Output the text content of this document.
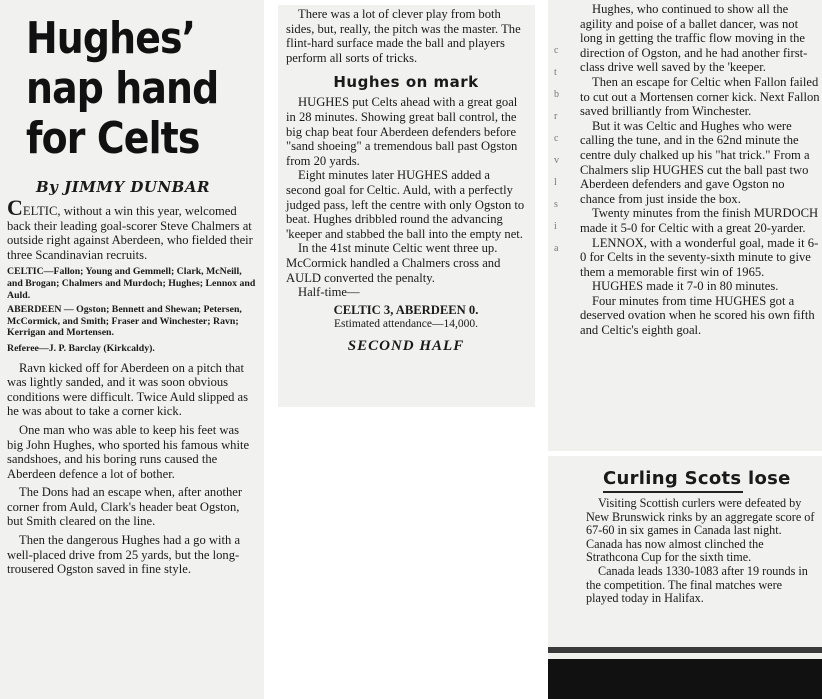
Hughes’
nap hand
for Celts
By JIMMY DUNBAR

CELTIC, without a win this year, welcomed back their leading goal-scorer Steve Chalmers at outside right against Aberdeen, who fielded their three Scandinavian recruits.

CELTIC—Fallon; Young and Gemmell; Clark, McNeill, and Brogan; Chalmers and Murdoch; Hughes; Lennox and Auld.

ABERDEEN — Ogston; Bennett and Shewan; Petersen, McCormick, and Smith; Fraser and Winchester; Ravn; Kerrigan and Mortensen.

Referee—J. P. Barclay (Kirkcaldy).

Ravn kicked off for Aberdeen on a pitch that was lightly sanded, and it was soon obvious conditions were difficult. Twice Auld slipped as he was about to take a corner kick.

One man who was able to keep his feet was big John Hughes, who sported his famous white sandshoes, and his boring runs caused the Aberdeen defence a lot of bother.

The Dons had an escape when, after another corner from Auld, Clark's header beat Ogston, but Smith cleared on the line.

Then the dangerous Hughes had a go with a well-placed drive from 25 yards, but the long-trousered Ogston saved in fine style.

There was a lot of clever play from both sides, but, really, the pitch was the master. The flint-hard surface made the ball and players perform all sorts of tricks.

Hughes on mark

HUGHES put Celts ahead with a great goal in 28 minutes. Showing great ball control, the big chap beat four Aberdeen defenders before "sand shoeing" a tremendous ball past Ogston from 20 yards.

Eight minutes later HUGHES added a second goal for Celtic. Auld, with a perfectly judged pass, left the centre with only Ogston to beat. Hughes dribbled round the advancing 'keeper and stabbed the ball into the empty net.

In the 41st minute Celtic went three up. McCormick handled a Chalmers cross and AULD converted the penalty.

Half-time—

CELTIC 3, ABERDEEN 0.

Estimated attendance—14,000.

SECOND HALF
c
t
b
r
c
v
l
s
i
a

Hughes, who continued to show all the agility and poise of a ballet dancer, was not long in getting the traffic flow moving in the direction of Ogston, and he had another first-class drive well saved by the 'keeper.

Then an escape for Celtic when Fallon failed to cut out a Mortensen corner kick. Next Fallon saved brilliantly from Winchester.

But it was Celtic and Hughes who were calling the tune, and in the 62nd minute the centre duly chalked up his "hat trick." From a Chalmers slip HUGHES cut the ball past two Aberdeen defenders and gave Ogston no chance from just inside the box.

Twenty minutes from the finish MURDOCH made it 5-0 for Celtic with a great 20-yarder.

LENNOX, with a wonderful goal, made it 6-0 for Celts in the seventy-sixth minute to give them a memorable first win of 1965.

HUGHES made it 7-0 in 80 minutes.

Four minutes from time HUGHES got a deserved ovation when he scored his own fifth and Celtic's eighth goal.

Curling Scots lose

Visiting Scottish curlers were defeated by New Brunswick rinks by an aggregate score of 67-60 in six games in Canada last night. Canada has now almost clinched the Strathcona Cup for the sixth time.

Canada leads 1330-1083 after 19 rounds in the competition. The final matches were played today in Halifax.
